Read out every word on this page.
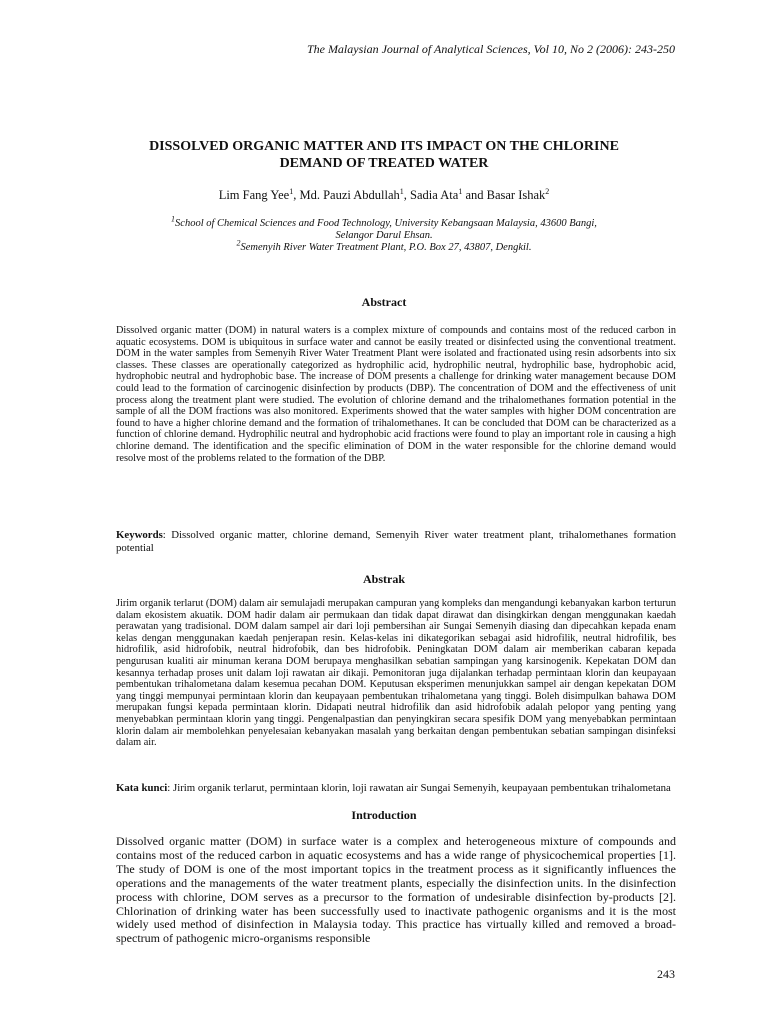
The Malaysian Journal of Analytical Sciences, Vol 10, No 2 (2006): 243-250
DISSOLVED ORGANIC MATTER AND ITS IMPACT ON THE CHLORINE
DEMAND OF TREATED WATER
Lim Fang Yee$^1$, Md. Pauzi Abdullah$^1$, Sadia Ata$^1$ and Basar Ishak$^2$
$^1$School of Chemical Sciences and Food Technology, University Kebangsaan Malaysia, 43600 Bangi,
Selangor Darul Ehsan.
$^2$Semenyih River Water Treatment Plant, P.O. Box 27, 43807, Dengkil.
Abstract
Dissolved organic matter (DOM) in natural waters is a complex mixture of compounds and contains most of the reduced carbon in aquatic ecosystems. DOM is ubiquitous in surface water and cannot be easily treated or disinfected using the conventional treatment. DOM in the water samples from Semenyih River Water Treatment Plant were isolated and fractionated using resin adsorbents into six classes. These classes are operationally categorized as hydrophilic acid, hydrophilic neutral, hydrophilic base, hydrophobic acid, hydrophobic neutral and hydrophobic base. The increase of DOM presents a challenge for drinking water management because DOM could lead to the formation of carcinogenic disinfection by products (DBP). The concentration of DOM and the effectiveness of unit process along the treatment plant were studied. The evolution of chlorine demand and the trihalomethanes formation potential in the sample of all the DOM fractions was also monitored. Experiments showed that the water samples with higher DOM concentration are found to have a higher chlorine demand and the formation of trihalomethanes. It can be concluded that DOM can be characterized as a function of chlorine demand. Hydrophilic neutral and hydrophobic acid fractions were found to play an important role in causing a high chlorine demand. The identification and the specific elimination of DOM in the water responsible for the chlorine demand would resolve most of the problems related to the formation of the DBP.
Keywords: Dissolved organic matter, chlorine demand, Semenyih River water treatment plant, trihalomethanes formation potential
Abstrak
Jirim organik terlarut (DOM) dalam air semulajadi merupakan campuran yang kompleks dan mengandungi kebanyakan karbon terturun dalam ekosistem akuatik. DOM hadir dalam air permukaan dan tidak dapat dirawat dan disingkirkan dengan menggunakan kaedah perawatan yang tradisional. DOM dalam sampel air dari loji pembersihan air Sungai Semenyih diasing dan dipecahkan kepada enam kelas dengan menggunakan kaedah penjerapan resin. Kelas-kelas ini dikategorikan sebagai asid hidrofilik, neutral hidrofilik, bes hidrofilik, asid hidrofobik, neutral hidrofobik, dan bes hidrofobik. Peningkatan DOM dalam air memberikan cabaran kepada pengurusan kualiti air minuman kerana DOM berupaya menghasilkan sebatian sampingan yang karsinogenik. Kepekatan DOM dan kesannya terhadap proses unit dalam loji rawatan air dikaji. Pemonitoran juga dijalankan terhadap permintaan klorin dan keupayaan pembentukan trihalometana dalam kesemua pecahan DOM. Keputusan eksperimen menunjukkan sampel air dengan kepekatan DOM yang tinggi mempunyai permintaan klorin dan keupayaan pembentukan trihalometana yang tinggi. Boleh disimpulkan bahawa DOM merupakan fungsi kepada permintaan klorin. Didapati neutral hidrofilik dan asid hidrofobik adalah pelopor yang penting yang menyebabkan permintaan klorin yang tinggi. Pengenalpastian dan penyingkiran secara spesifik DOM yang menyebabkan permintaan klorin dalam air membolehkan penyelesaian kebanyakan masalah yang berkaitan dengan pembentukan sebatian sampingan disinfeksi dalam air.
Kata kunci: Jirim organik terlarut, permintaan klorin, loji rawatan air Sungai Semenyih, keupayaan pembentukan trihalometana
Introduction
Dissolved organic matter (DOM) in surface water is a complex and heterogeneous mixture of compounds and contains most of the reduced carbon in aquatic ecosystems and has a wide range of physicochemical properties [1]. The study of DOM is one of the most important topics in the treatment process as it significantly influences the operations and the managements of the water treatment plants, especially the disinfection units. In the disinfection process with chlorine, DOM serves as a precursor to the formation of undesirable disinfection by-products [2]. Chlorination of drinking water has been successfully used to inactivate pathogenic organisms and it is the most widely used method of disinfection in Malaysia today. This practice has virtually killed and removed a broad-spectrum of pathogenic micro-organisms responsible
243
